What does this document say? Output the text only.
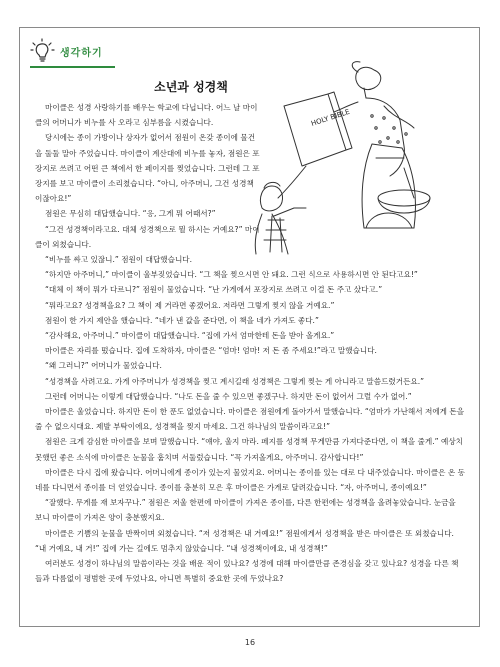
생각하기
소년과 성경책
HOLY BIBLE

마이클은 성경 사랑하기를 배우는 학교에 다닙니다. 어느 날 마이클의 어머니가 비누를 사 오라고 심부름을 시켰습니다.

당시에는 종이 가방이나 상자가 없어서 점원이 온갖 종이에 물건을 둘둘 말아 주었습니다. 마이클이 계산대에 비누를 놓자, 점원은 포장지로 쓰려고 어떤 큰 책에서 한 페이지를 찢었습니다. 그런데 그 포장지를 보고 마이클이 소리쳤습니다. “아니, 아주머니, 그건 성경책이잖아요!”

점원은 무심히 대답했습니다. “응, 그게 뭐 어때서?”

“그건 성경책이라고요. 대체 성경책으로 뭘 하시는 거예요?” 마이클이 외쳤습니다.

“비누를 싸고 있잖니.” 점원이 대답했습니다.

“하지만 아주머니,” 마이클이 울부짖었습니다. “그 책을 찢으시면 안 돼요. 그런 식으로 사용하시면 안 된다고요!”

“대체 이 책이 뭐가 다르니?” 점원이 물었습니다. “난 가게에서 포장지로 쓰려고 이걸 돈 주고 샀다고.”

“뭐라고요? 성경책을요? 그 책이 제 거라면 좋겠어요. 저라면 그렇게 찢지 않을 거예요.”

점원이 한 가지 제안을 했습니다. “네가 낸 값을 준다면, 이 책을 네가 가져도 좋다.”

“감사해요, 아주머니.” 마이클이 대답했습니다. “집에 가서 엄마한테 돈을 받아 올게요.”

마이클은 자리를 떴습니다. 집에 도착하자, 마이클은 “엄마! 엄마! 저 돈 좀 주세요!”라고 말했습니다.

“왜 그러니?” 어머니가 물었습니다.

“성경책을 사려고요. 가게 아주머니가 성경책을 찢고 계시길래 성경책은 그렇게 찢는 게 아니라고 말씀드렸거든요.”

그런데 어머니는 이렇게 대답했습니다. “나도 돈을 줄 수 있으면 좋겠구나. 하지만 돈이 없어서 그럴 수가 없어.”

마이클은 울었습니다. 하지만 돈이 한 푼도 없었습니다. 마이클은 점원에게 돌아가서 말했습니다. “엄마가 가난해서 저에게 돈을 줄 수 없으시대요. 제발 부탁이에요, 성경책을 찢지 마세요. 그건 하나님의 말씀이라고요!”

점원은 크게 감심한 마이클을 보며 말했습니다. “얘야, 울지 마라. 페지를 성경책 무게만큼 가져다준다면, 이 책을 줄게.” 예상치 못했던 좋은 소식에 마이클은 눈물을 훔치며 서둘렀습니다. “꼭 가져올게요, 아주머니. 감사합니다!”

마이클은 다시 집에 왔습니다. 어머니에게 종이가 있는지 물었지요. 어머니는 종이를 있는 대로 다 내주었습니다. 마이클은 온 동네를 다니면서 종이를 더 얻었습니다. 종이를 충분히 모은 후 마이클은 가게로 달려갔습니다. “자, 아주머니, 종이예요!”

“잘했다. 무게를 재 보자꾸나.” 점원은 저울 한편에 마이클이 가져온 종이를, 다른 한편에는 성경책을 올려놓았습니다. 눈금을 보니 마이클이 가져온 양이 충분했지요.

마이클은 기쁨의 눈물을 반짝이며 외쳤습니다. “저 성경책은 내 거예요!” 점원에게서 성경책을 받은 마이클은 또 외쳤습니다. “내 거예요, 내 거!” 집에 가는 길에도 멈추지 않았습니다. “내 성경책이에요, 내 성경책!”

여러분도 성경이 하나님의 말씀이라는 것을 배운 적이 있나요? 성경에 대해 마이클만큼 존경심을 갖고 있나요? 성경을 다른 책들과 다름없이 평범한 곳에 두었나요, 아니면 특별히 중요한 곳에 두었나요?

16
